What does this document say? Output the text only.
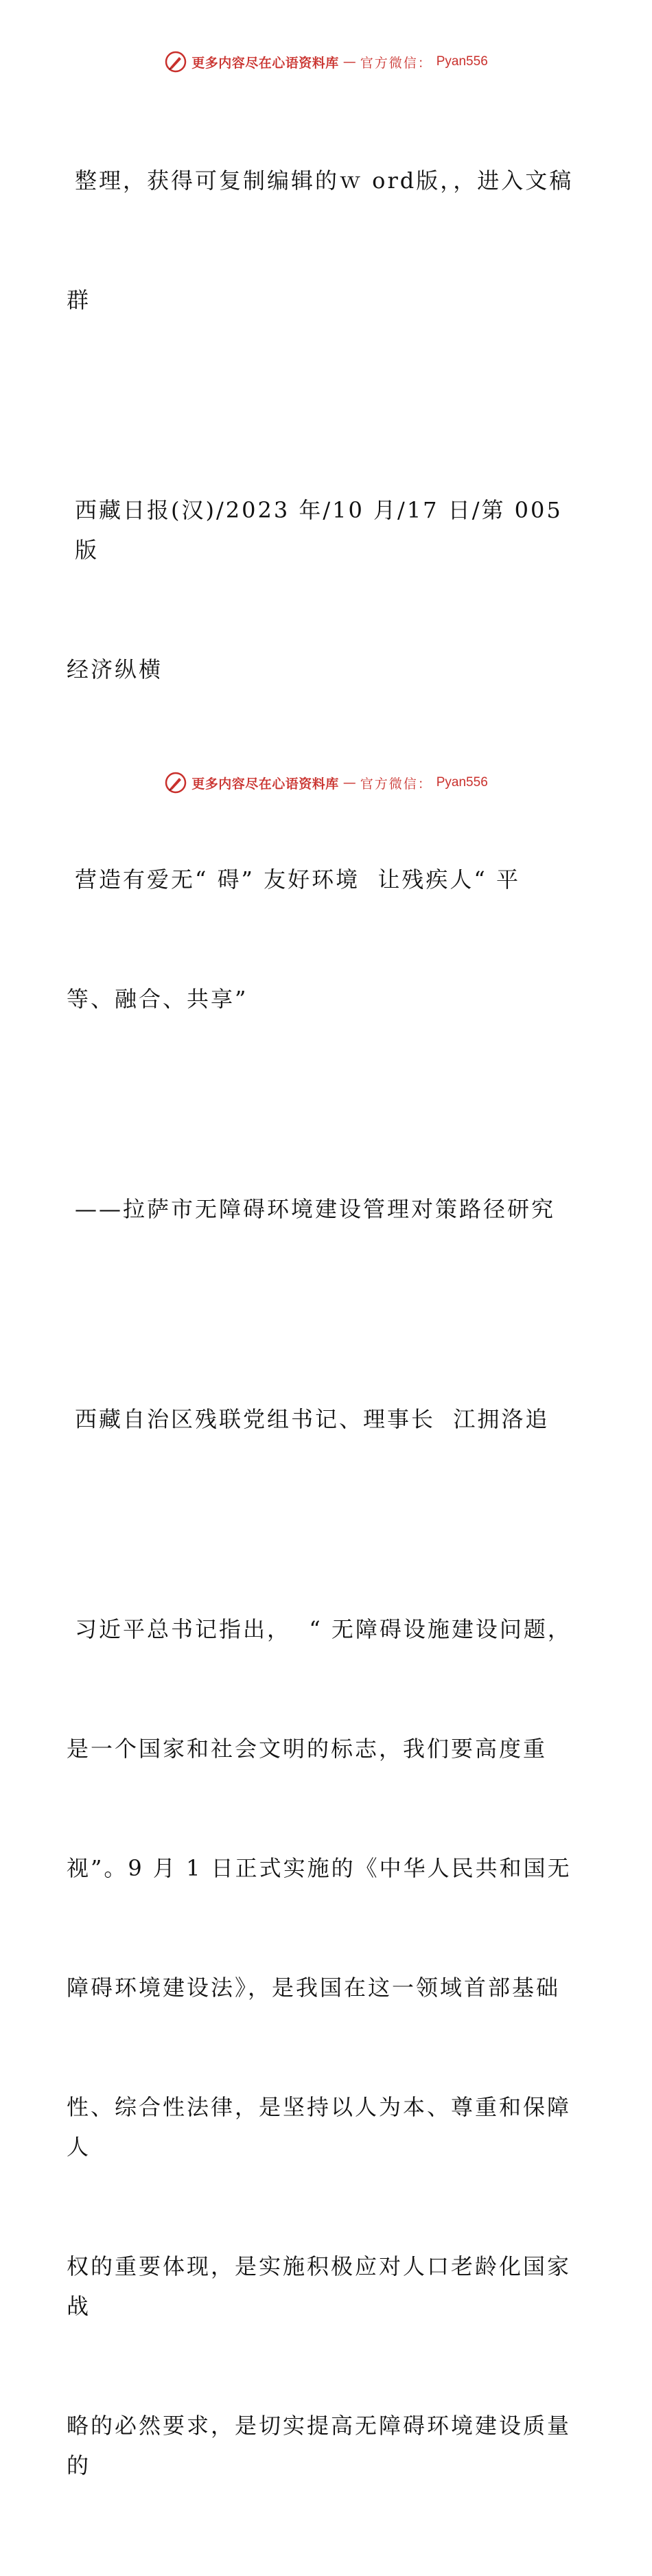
更多内容尽在心语资料库 — 官方微信： Pyan556

整理，获得可复制编辑的ｗ ord版，，进入文稿

群

西藏日报(汉)/2023 年/10 月/17 日/第 005 版

经济纵横

营造有爱无“ 碍” 友好环境  让残疾人“ 平

等、融合、共享”

——拉萨市无障碍环境建设管理对策路径研究

西藏自治区残联党组书记、理事长  江拥洛追

习近平总书记指出，  “ 无障碍设施建设问题，

是一个国家和社会文明的标志，我们要高度重

视”。9 月 1 日正式实施的《中华人民共和国无

障碍环境建设法》，是我国在这一领域首部基础

性、综合性法律，是坚持以人为本、尊重和保障人

权的重要体现，是实施积极应对人口老龄化国家战

略的必然要求，是切实提高无障碍环境建设质量的

更多内容尽在心语资料库 — 官方微信： Pyan556
